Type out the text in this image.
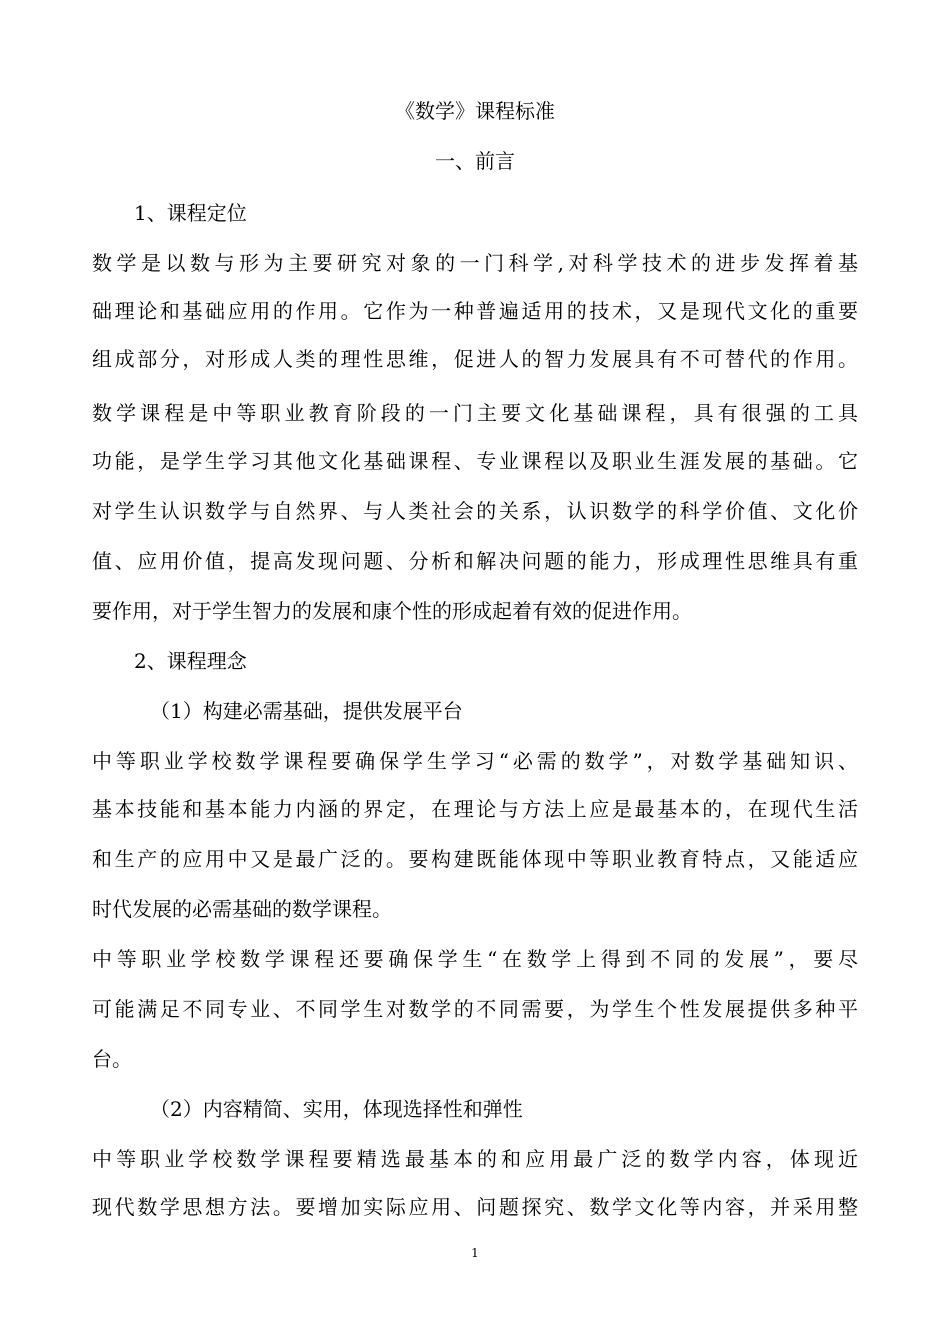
《数学》课程标准
一、前言
1、课程定位
数学是以数与形为主要研究对象的一门科学,对科学技术的进步发挥着基
础理论和基础应用的作用。它作为一种普遍适用的技术，又是现代文化的重要
组成部分，对形成人类的理性思维，促进人的智力发展具有不可替代的作用。
数学课程是中等职业教育阶段的一门主要文化基础课程，具有很强的工具
功能，是学生学习其他文化基础课程、专业课程以及职业生涯发展的基础。它
对学生认识数学与自然界、与人类社会的关系，认识数学的科学价值、文化价
值、应用价值，提高发现问题、分析和解决问题的能力，形成理性思维具有重
要作用，对于学生智力的发展和康个性的形成起着有效的促进作用。
2、课程理念
（1）构建必需基础，提供发展平台
中等职业学校数学课程要确保学生学习“必需的数学”，对数学基础知识、
基本技能和基本能力内涵的界定，在理论与方法上应是最基本的，在现代生活
和生产的应用中又是最广泛的。要构建既能体现中等职业教育特点，又能适应
时代发展的必需基础的数学课程。
中等职业学校数学课程还要确保学生“在数学上得到不同的发展”，要尽
可能满足不同专业、不同学生对数学的不同需要，为学生个性发展提供多种平
台。
（2）内容精简、实用，体现选择性和弹性
中等职业学校数学课程要精选最基本的和应用最广泛的数学内容，体现近
现代数学思想方法。要增加实际应用、问题探究、数学文化等内容，并采用整
1
